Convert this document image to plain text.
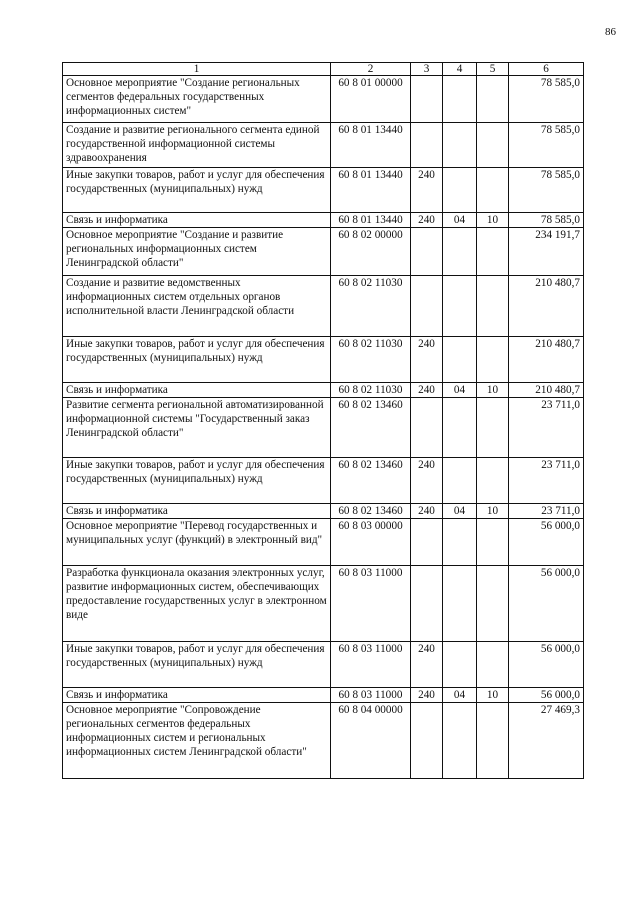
86
1	2	3	4	5	6
Основное мероприятие "Создание региональных сегментов федеральных государственных информационных систем"	60 8 01 00000				78 585,0
Создание и развитие регионального сегмента единой государственной информационной системы здравоохранения	60 8 01 13440				78 585,0
Иные закупки товаров, работ и услуг для обеспечения государственных (муниципальных) нужд	60 8 01 13440	240			78 585,0
Связь и информатика	60 8 01 13440	240	04	10	78 585,0
Основное мероприятие "Создание и развитие региональных информационных систем Ленинградской области"	60 8 02 00000				234 191,7
Создание и развитие ведомственных информационных систем отдельных органов исполнительной власти Ленинградской области	60 8 02 11030				210 480,7
Иные закупки товаров, работ и услуг для обеспечения государственных (муниципальных) нужд	60 8 02 11030	240			210 480,7
Связь и информатика	60 8 02 11030	240	04	10	210 480,7
Развитие сегмента региональной автоматизированной информационной системы "Государственный заказ Ленинградской области"	60 8 02 13460				23 711,0
Иные закупки товаров, работ и услуг для обеспечения государственных (муниципальных) нужд	60 8 02 13460	240			23 711,0
Связь и информатика	60 8 02 13460	240	04	10	23 711,0
Основное мероприятие "Перевод государственных и муниципальных услуг (функций) в электронный вид"	60 8 03 00000				56 000,0
Разработка функционала оказания электронных услуг, развитие информационных систем, обеспечивающих предоставление государственных услуг в электронном виде	60 8 03 11000				56 000,0
Иные закупки товаров, работ и услуг для обеспечения государственных (муниципальных) нужд	60 8 03 11000	240			56 000,0
Связь и информатика	60 8 03 11000	240	04	10	56 000,0
Основное мероприятие "Сопровождение региональных сегментов федеральных информационных систем и региональных информационных систем Ленинградской области"	60 8 04 00000				27 469,3
